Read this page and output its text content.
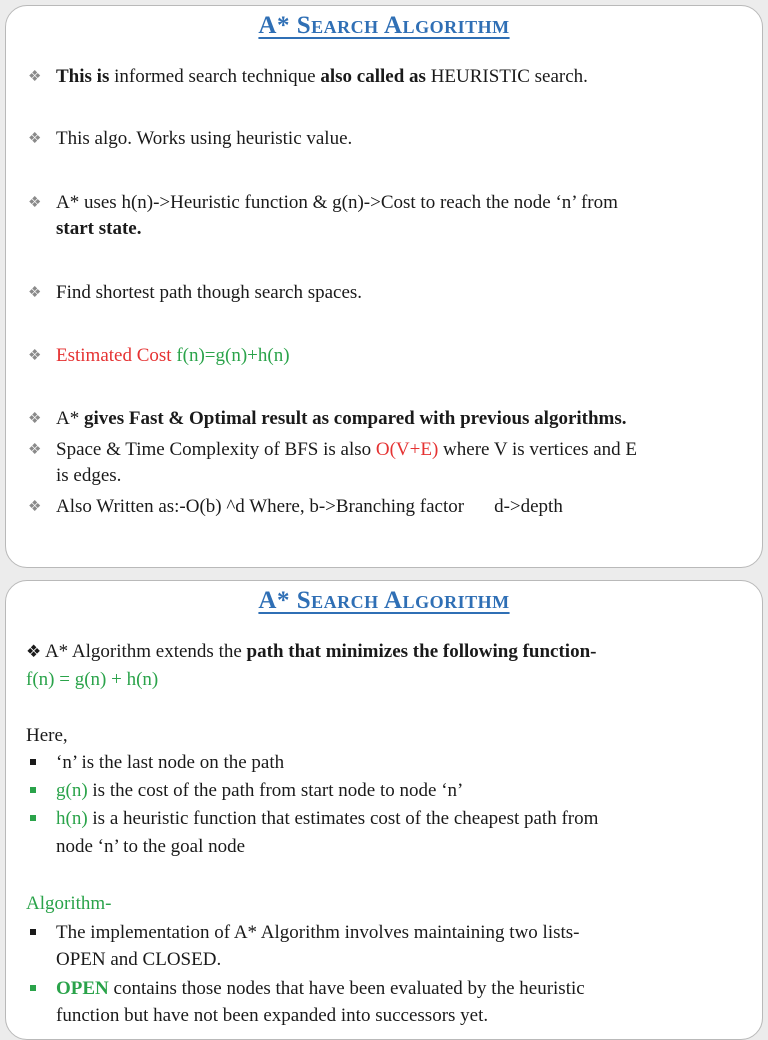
A* Search Algorithm
❖ This is informed search technique also called as HEURISTIC search.
❖ This algo. Works using heuristic value.
❖ A* uses h(n)->Heuristic function & g(n)->Cost to reach the node ‘n’ from
start state.
❖ Find shortest path though search spaces.
❖ Estimated Cost f(n)=g(n)+h(n)
❖ A* gives Fast & Optimal result as compared with previous algorithms.
❖ Space & Time Complexity of BFS is also O(V+E) where V is vertices and E
is edges.
❖ Also Written as:-O(b) ^d Where, b->Branching factor d->depth
A* Search Algorithm
❖ A* Algorithm extends the path that minimizes the following function-
f(n) = g(n) + h(n)
Here,
‘n’ is the last node on the path
g(n) is the cost of the path from start node to node ‘n’
h(n) is a heuristic function that estimates cost of the cheapest path from
node ‘n’ to the goal node
Algorithm-
The implementation of A* Algorithm involves maintaining two lists-
OPEN and CLOSED.
OPEN contains those nodes that have been evaluated by the heuristic
function but have not been expanded into successors yet.
